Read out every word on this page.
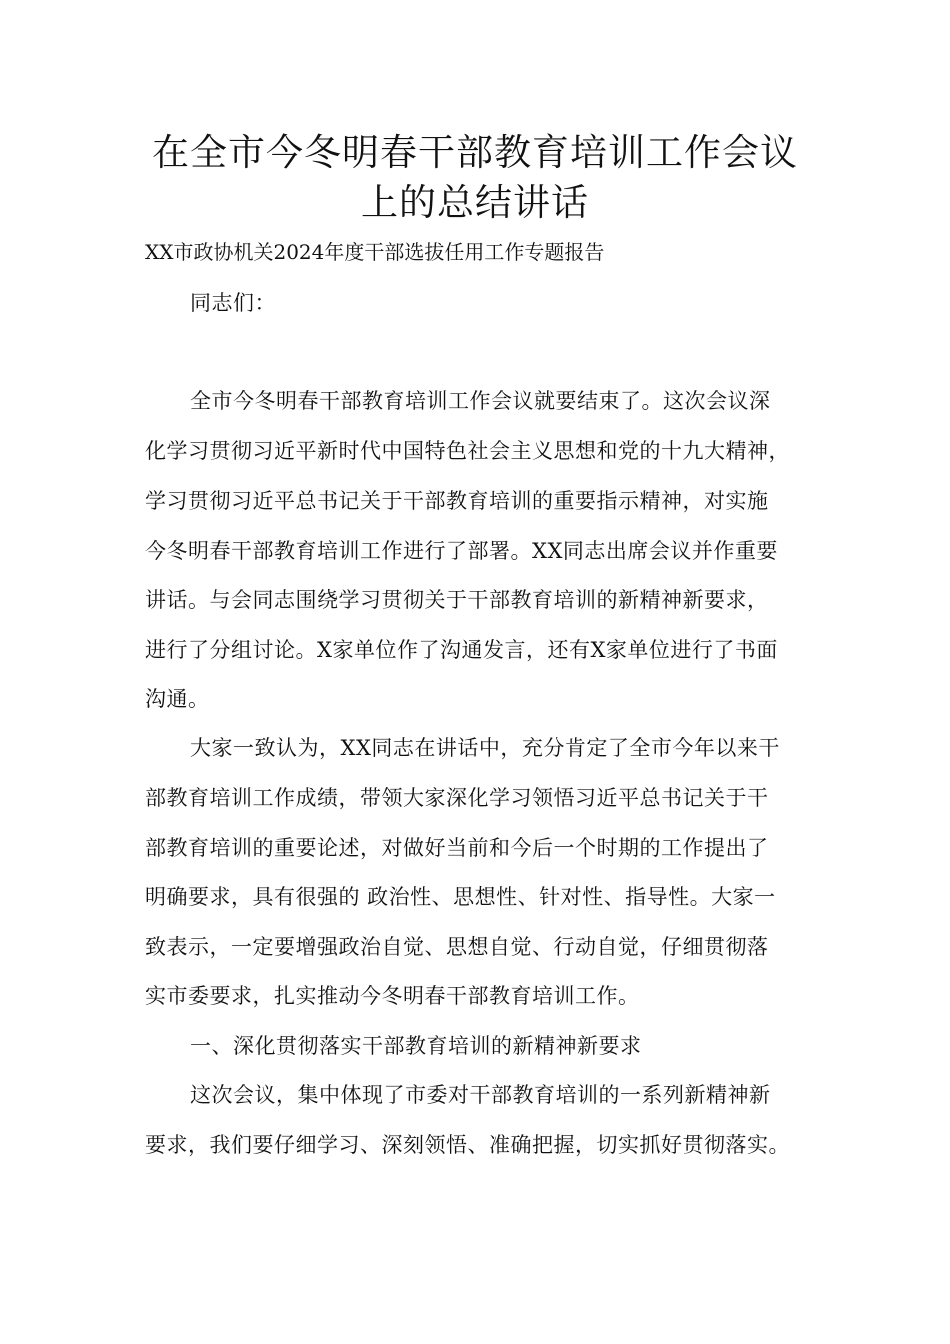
在全市今冬明春干部教育培训工作会议
上的总结讲话
XX市政协机关2024年度干部选拔任用工作专题报告
同志们：
全市今冬明春干部教育培训工作会议就要结束了。这次会议深
化学习贯彻习近平新时代中国特色社会主义思想和党的十九大精神，
学习贯彻习近平总书记关于干部教育培训的重要指示精神，对实施
今冬明春干部教育培训工作进行了部署。XX同志出席会议并作重要
讲话。与会同志围绕学习贯彻关于干部教育培训的新精神新要求，
进行了分组讨论。X家单位作了沟通发言，还有X家单位进行了书面
沟通。
大家一致认为，XX同志在讲话中，充分肯定了全市今年以来干
部教育培训工作成绩，带领大家深化学习领悟习近平总书记关于干
部教育培训的重要论述，对做好当前和今后一个时期的工作提出了
明确要求，具有很强的 政治性、思想性、针对性、指导性。大家一
致表示，一定要增强政治自觉、思想自觉、行动自觉，仔细贯彻落
实市委要求，扎实推动今冬明春干部教育培训工作。
一、深化贯彻落实干部教育培训的新精神新要求
这次会议，集中体现了市委对干部教育培训的一系列新精神新
要求，我们要仔细学习、深刻领悟、准确把握，切实抓好贯彻落实。
